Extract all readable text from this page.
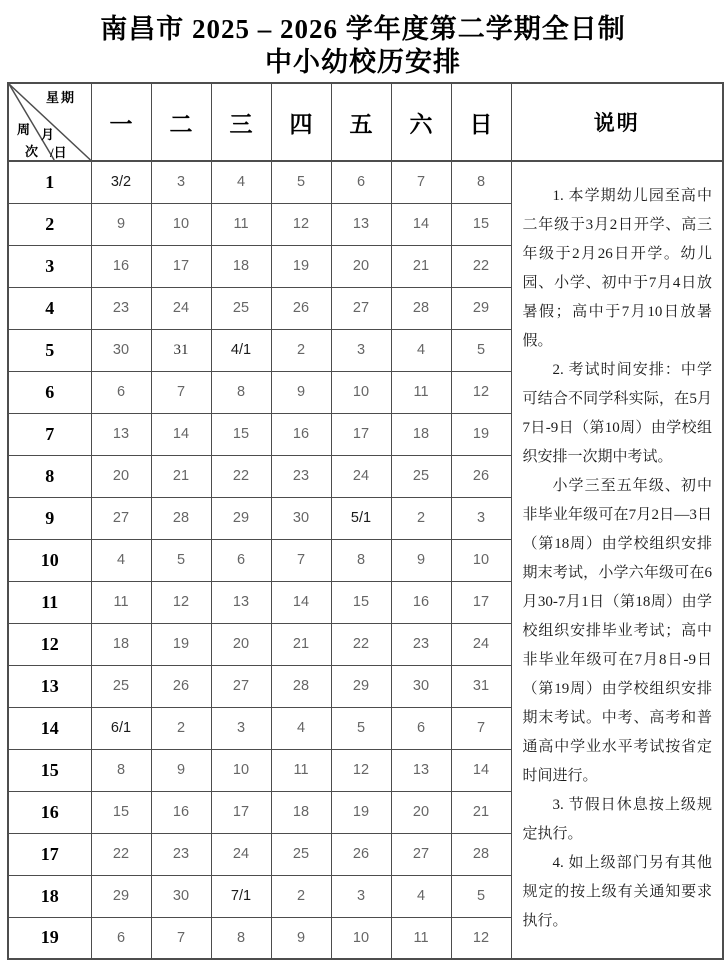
南昌市 2025 – 2026 学年度第二学期全日制
中小幼校历安排
星期
周 月
次 /日	一	二	三	四	五	六	日	说明
1	3/2	3	4	5	6	7	8	1. 本学期幼儿园至高中二年级于3月2日开学、高三年级于2月26日开学。幼儿园、小学、初中于7月4日放暑假；高中于7月10日放暑假。

2. 考试时间安排：中学可结合不同学科实际，在5月7日-9日（第10周）由学校组织安排一次期中考试。

小学三至五年级、初中非毕业年级可在7月2日—3日（第18周）由学校组织安排期末考试，小学六年级可在6月30-7月1日（第18周）由学校组织安排毕业考试；高中非毕业年级可在7月8日-9日（第19周）由学校组织安排期末考试。中考、高考和普通高中学业水平考试按省定时间进行。

3. 节假日休息按上级规定执行。

4. 如上级部门另有其他规定的按上级有关通知要求执行。

2	9	10	11	12	13	14	15	
3	16	17	18	19	20	21	22	
4	23	24	25	26	27	28	29	
5	30	31	4/1	2	3	4	5	
6	6	7	8	9	10	11	12	
7	13	14	15	16	17	18	19	
8	20	21	22	23	24	25	26	
9	27	28	29	30	5/1	2	3	
10	4	5	6	7	8	9	10	
11	11	12	13	14	15	16	17	
12	18	19	20	21	22	23	24	
13	25	26	27	28	29	30	31	
14	6/1	2	3	4	5	6	7	
15	8	9	10	11	12	13	14	
16	15	16	17	18	19	20	21	
17	22	23	24	25	26	27	28	
18	29	30	7/1	2	3	4	5	
19	6	7	8	9	10	11	12	
